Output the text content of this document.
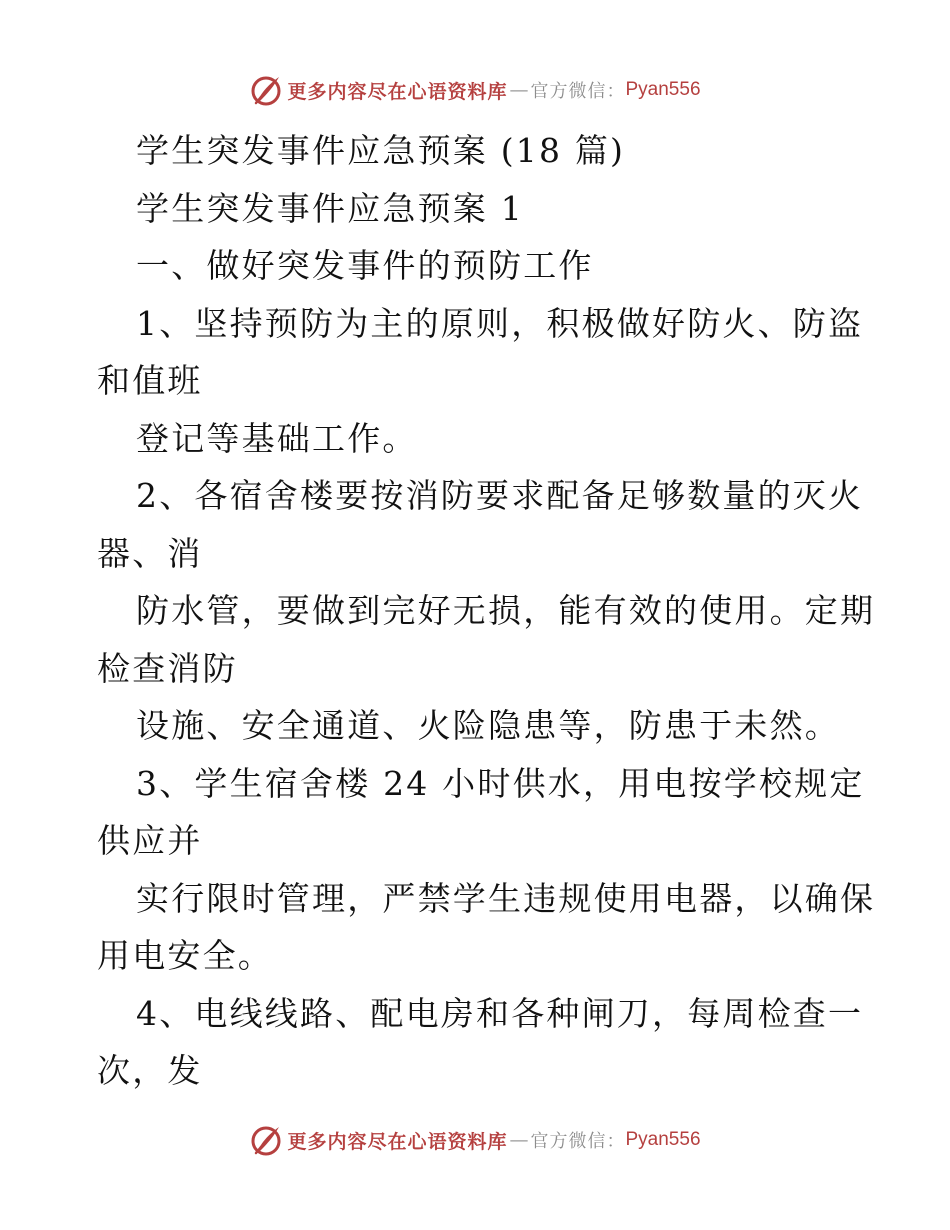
更多内容尽在心语资料库 — 官方微信： Pyan556
学生突发事件应急预案 (18 篇)
学生突发事件应急预案 1
一、做好突发事件的预防工作
1、坚持预防为主的原则，积极做好防火、防盗
和值班
登记等基础工作。
2、各宿舍楼要按消防要求配备足够数量的灭火
器、消
防水管，要做到完好无损，能有效的使用。定期
检查消防
设施、安全通道、火险隐患等，防患于未然。
3、学生宿舍楼 24 小时供水，用电按学校规定
供应并
实行限时管理，严禁学生违规使用电器，以确保
用电安全。
4、电线线路、配电房和各种闸刀，每周检查一
次，发
更多内容尽在心语资料库 — 官方微信： Pyan556
